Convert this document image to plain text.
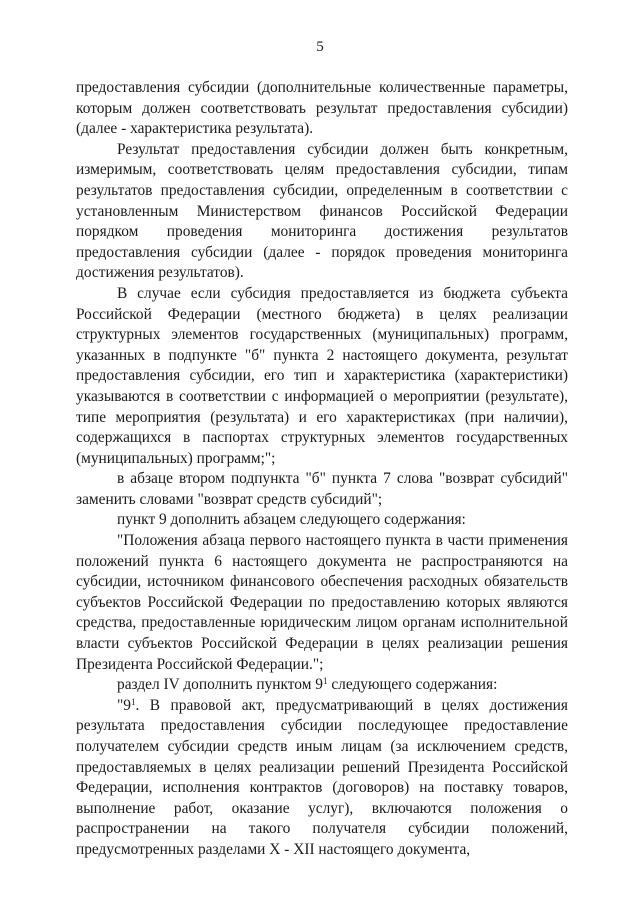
5

предоставления субсидии (дополнительные количественные параметры, которым должен соответствовать результат предоставления субсидии) (далее - характеристика результата).

Результат предоставления субсидии должен быть конкретным, измеримым, соответствовать целям предоставления субсидии, типам результатов предоставления субсидии, определенным в соответствии с установленным Министерством финансов Российской Федерации порядком проведения мониторинга достижения результатов предоставления субсидии (далее - порядок проведения мониторинга достижения результатов).

В случае если субсидия предоставляется из бюджета субъекта Российской Федерации (местного бюджета) в целях реализации структурных элементов государственных (муниципальных) программ, указанных в подпункте "б" пункта 2 настоящего документа, результат предоставления субсидии, его тип и характеристика (характеристики) указываются в соответствии с информацией о мероприятии (результате), типе мероприятия (результата) и его характеристиках (при наличии), содержащихся в паспортах структурных элементов государственных (муниципальных) программ;";

в абзаце втором подпункта "б" пункта 7 слова "возврат субсидий" заменить словами "возврат средств субсидий";

пункт 9 дополнить абзацем следующего содержания:

"Положения абзаца первого настоящего пункта в части применения положений пункта 6 настоящего документа не распространяются на субсидии, источником финансового обеспечения расходных обязательств субъектов Российской Федерации по предоставлению которых являются средства, предоставленные юридическим лицом органам исполнительной власти субъектов Российской Федерации в целях реализации решения Президента Российской Федерации.";

раздел IV дополнить пунктом $9^1$ следующего содержания:

"$9^1$. В правовой акт, предусматривающий в целях достижения результата предоставления субсидии последующее предоставление получателем субсидии средств иным лицам (за исключением средств, предоставляемых в целях реализации решений Президента Российской Федерации, исполнения контрактов (договоров) на поставку товаров, выполнение работ, оказание услуг), включаются положения о распространении на такого получателя субсидии положений, предусмотренных разделами X - XII настоящего документа,
